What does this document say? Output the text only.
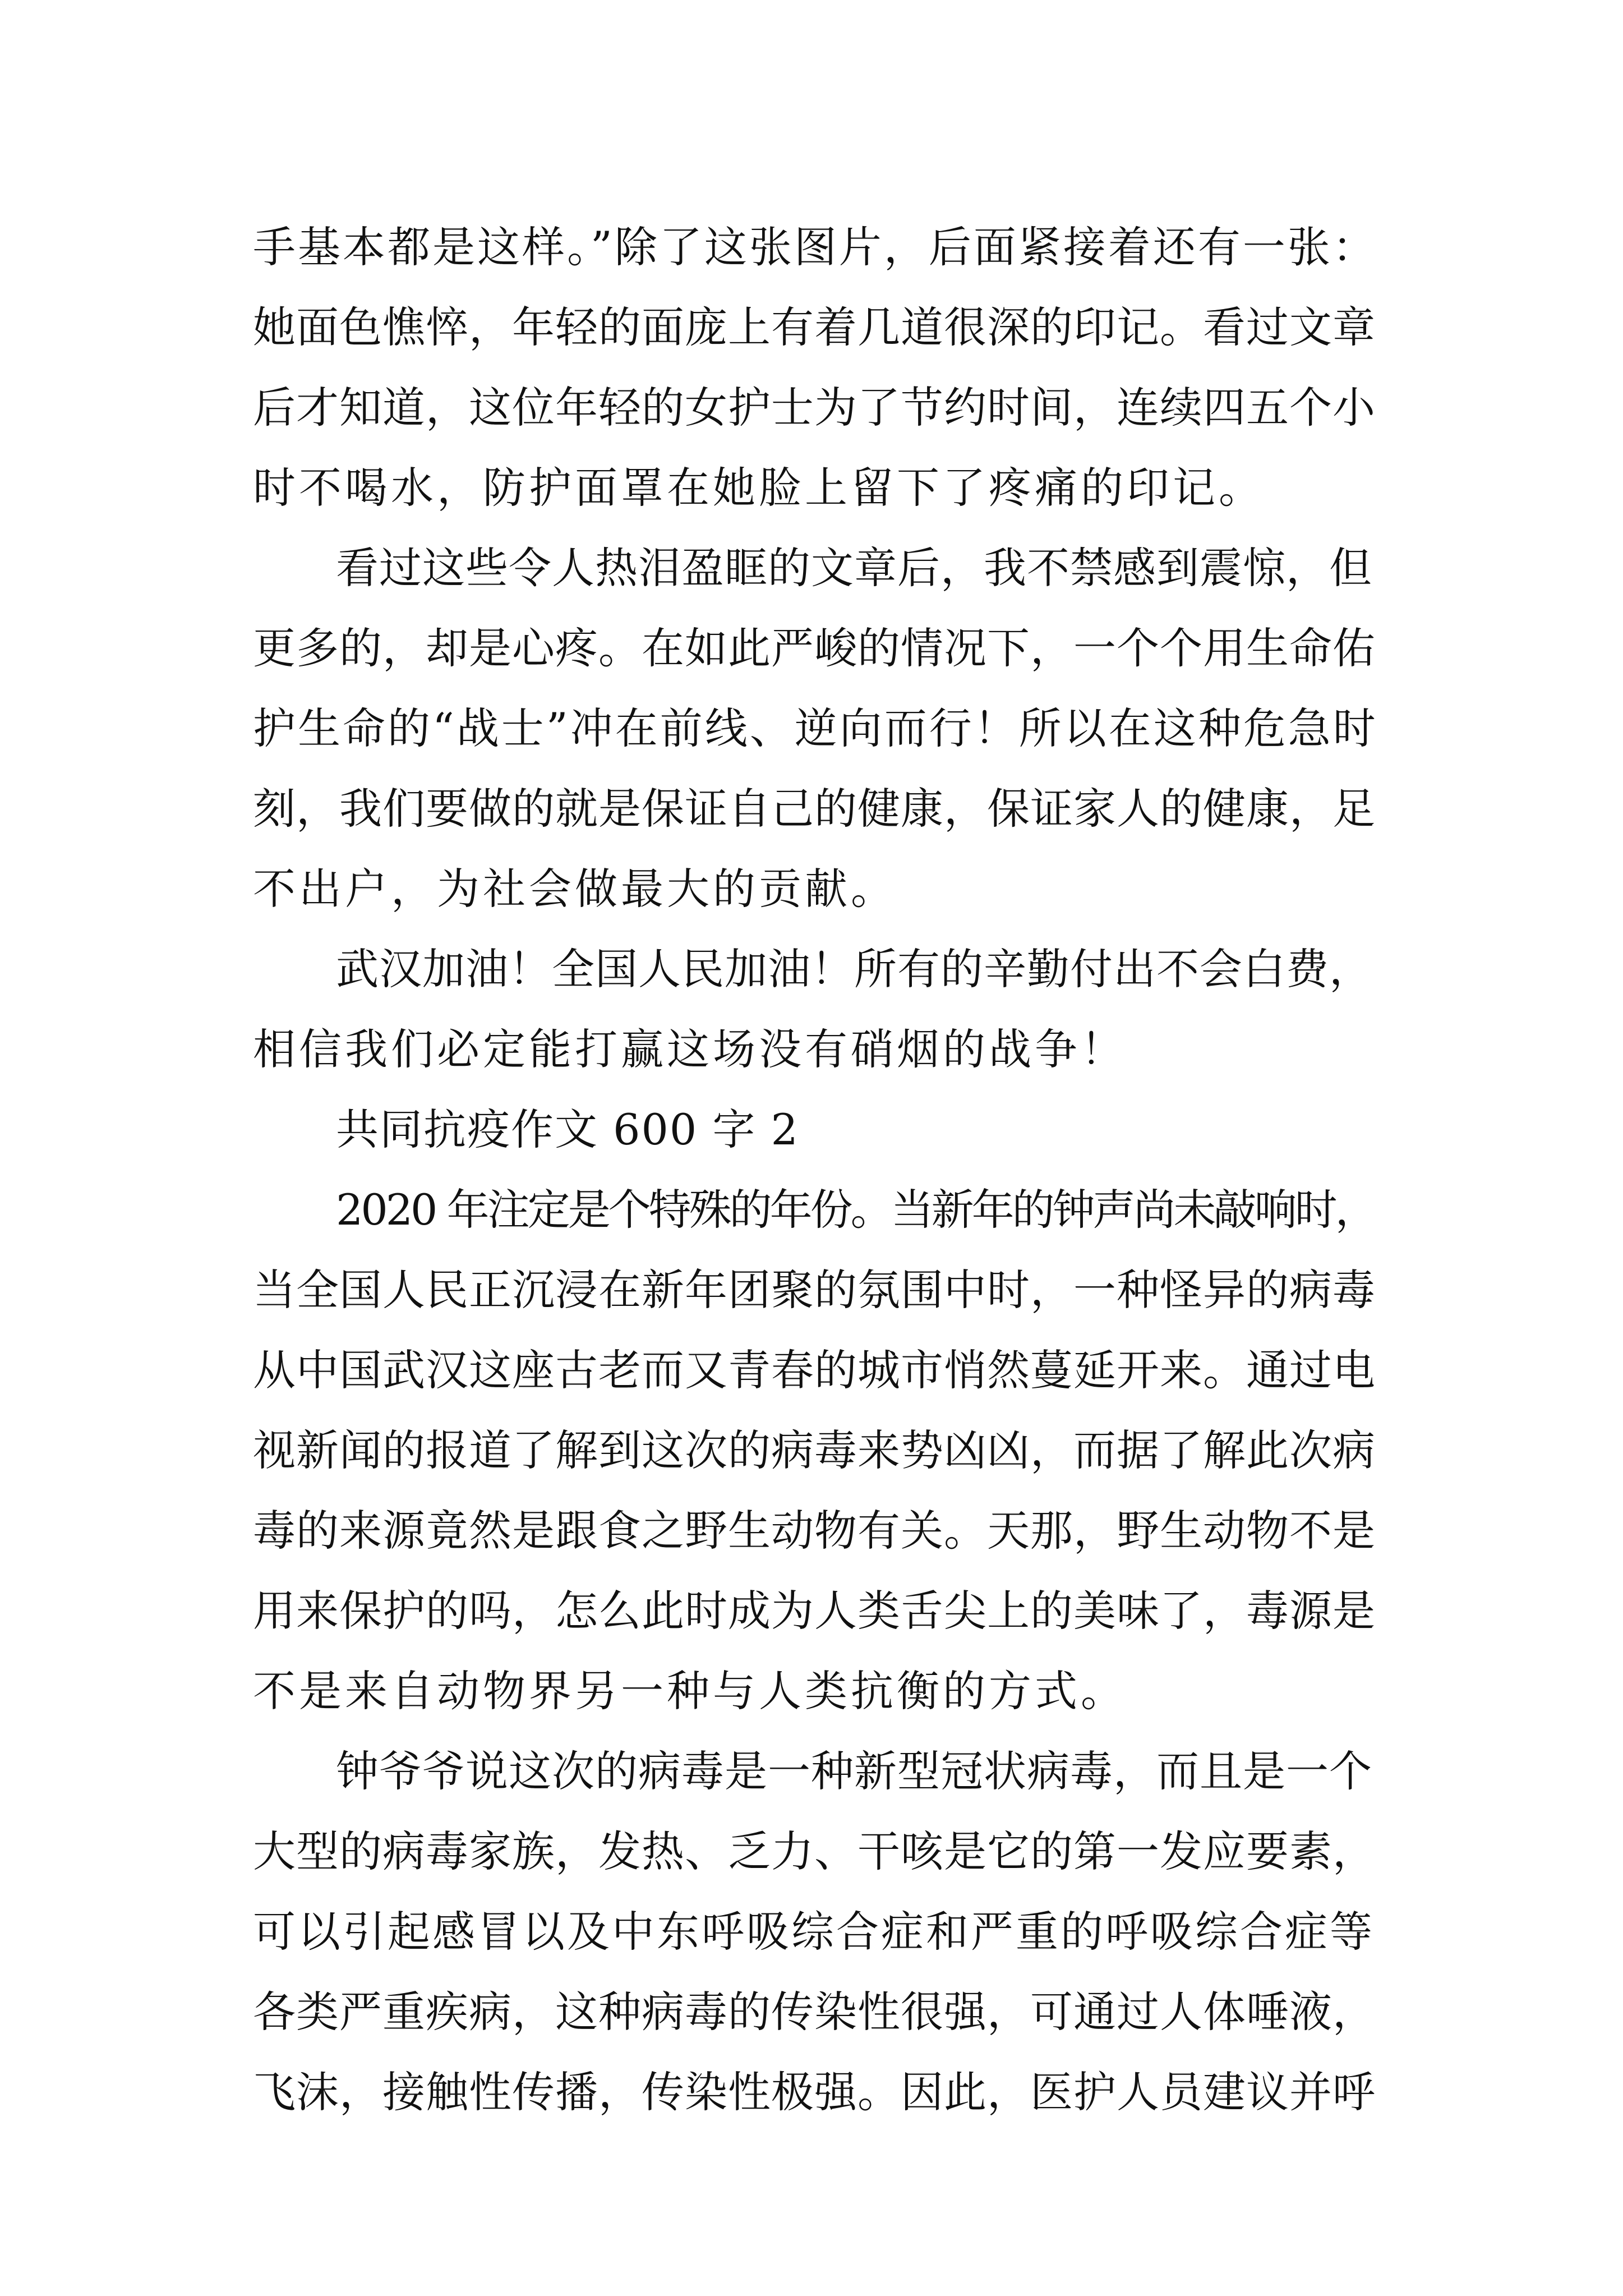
手基本都是这样。”除了这张图片，后面紧接着还有一张：
她面色憔悴，年轻的面庞上有着几道很深的印记。看过文章
后才知道，这位年轻的女护士为了节约时间，连续四五个小
时不喝水，防护面罩在她脸上留下了疼痛的印记。
看过这些令人热泪盈眶的文章后，我不禁感到震惊，但
更多的，却是心疼。在如此严峻的情况下，一个个用生命佑
护生命的“战士”冲在前线、逆向而行！所以在这种危急时
刻，我们要做的就是保证自己的健康，保证家人的健康，足
不出户，为社会做最大的贡献。
武汉加油！全国人民加油！所有的辛勤付出不会白费，
相信我们必定能打赢这场没有硝烟的战争！
共同抗疫作文 600 字 2
2020 年注定是个特殊的年份。当新年的钟声尚未敲响时，
当全国人民正沉浸在新年团聚的氛围中时，一种怪异的病毒
从中国武汉这座古老而又青春的城市悄然蔓延开来。通过电
视新闻的报道了解到这次的病毒来势凶凶，而据了解此次病
毒的来源竟然是跟食之野生动物有关。天那，野生动物不是
用来保护的吗，怎么此时成为人类舌尖上的美味了，毒源是
不是来自动物界另一种与人类抗衡的方式。
钟爷爷说这次的病毒是一种新型冠状病毒，而且是一个
大型的病毒家族，发热、乏力、干咳是它的第一发应要素，
可以引起感冒以及中东呼吸综合症和严重的呼吸综合症等
各类严重疾病，这种病毒的传染性很强，可通过人体唾液，
飞沫，接触性传播，传染性极强。因此，医护人员建议并呼
